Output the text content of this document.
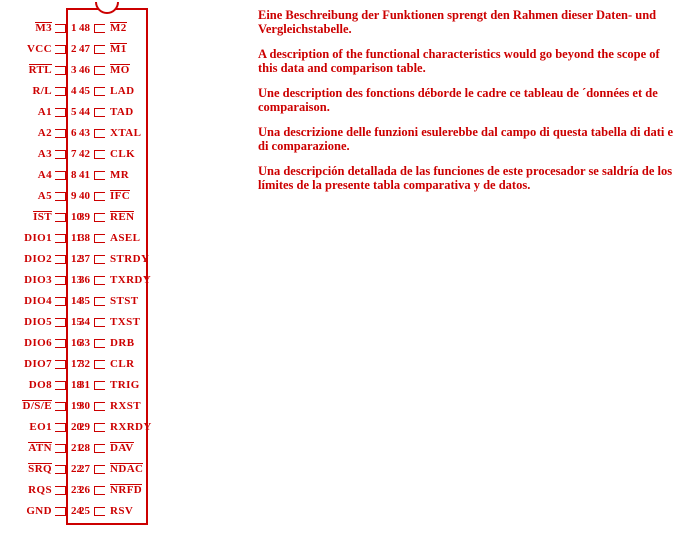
M3 1
VCC 2
RTL 3
R/L 4
A1 5
A2 6
A3 7
A4 8
A5 9
IST 10
DIO1 11
DIO2 12
DIO3 13
DIO4 14
DIO5 15
DIO6 16
DIO7 17
DO8 18
D/S/E 19
EO1 20
ATN 21
SRQ 22
RQS 23
GND 24
48 M2
47 M1
46 MO
45 LAD
44 TAD
43 XTAL
42 CLK
41 MR
40 IFC
39 REN
38 ASEL
37 STRDY
36 TXRDY
35 STST
34 TXST
33 DRB
32 CLR
31 TRIG
30 RXST
29 RXRDY
28 DAV
27 NDAC
26 NRFD
25 RSV
Eine Beschreibung der Funktionen sprengt den Rahmen dieser Daten- und Vergleichstabelle.
A description of the functional characteristics would go beyond the scope of this data and comparison table.
Une description des fonctions déborde le cadre ce tableau de ´données et de comparaison.
Una descrizione delle funzioni esulerebbe dal campo di questa tabella di dati e di comparazione.
Una descripción detallada de las funciones de este procesador se saldría de los límites de la presente tabla comparativa y de datos.
